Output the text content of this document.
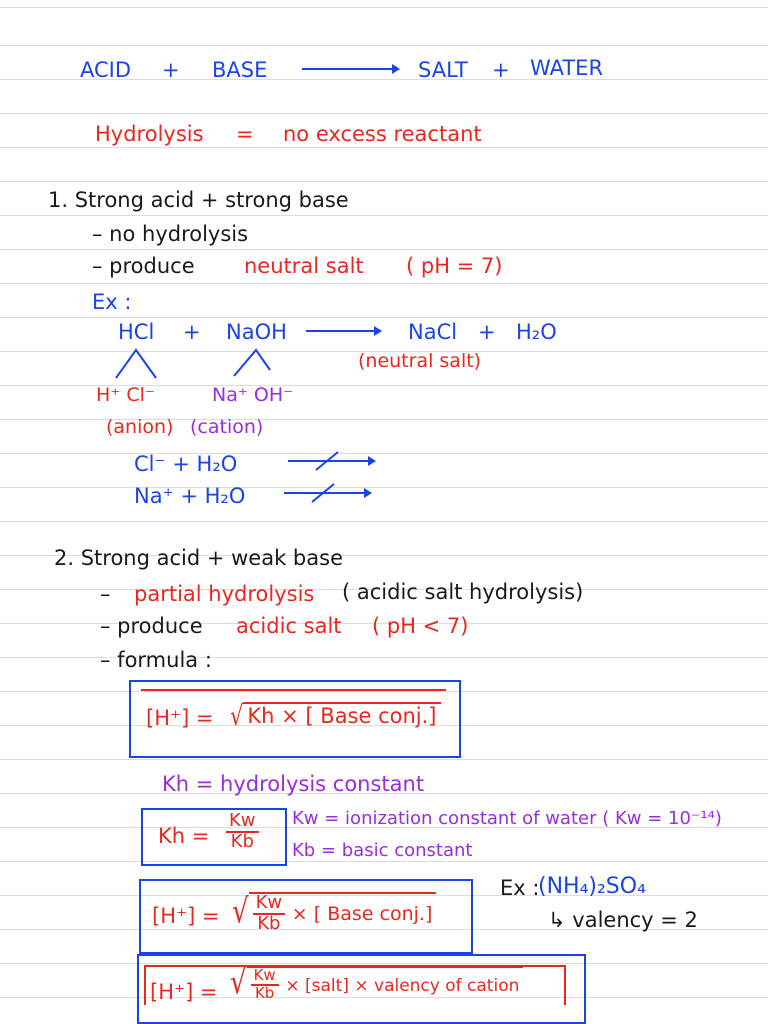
ACID + BASE	SALT + WATER
Hydrolysis = no excess reactant
1. Strong acid + strong base
– no hydrolysis
– produce neutral salt ( pH = 7)
Ex :
HCl + NaOH	NaCl + H₂O
(neutral salt)
H⁺ Cl⁻	Na⁺ OH⁻
(anion) (cation)
Cl⁻ + H₂O
Na⁺ + H₂O
2. Strong acid + weak base
– partial hydrolysis ( acidic salt hydrolysis)
– produce acidic salt ( pH < 7)
– formula :
[H⁺] = √ Kh × [ Base conj.]
Kh = hydrolysis constant
$Kh = \frac{Kw}{Kb}$ Kw = ionization constant of water ( Kw = 10⁻¹⁴)
Kb = basic constant
[H⁺] = √ $\frac{Kw}{Kb}$ × [ Base conj.]
Ex :
(NH₄)₂SO₄
↳ valency = 2
[H⁺] = √ $\frac{Kw}{Kb}$ × [salt] × valency of cation
